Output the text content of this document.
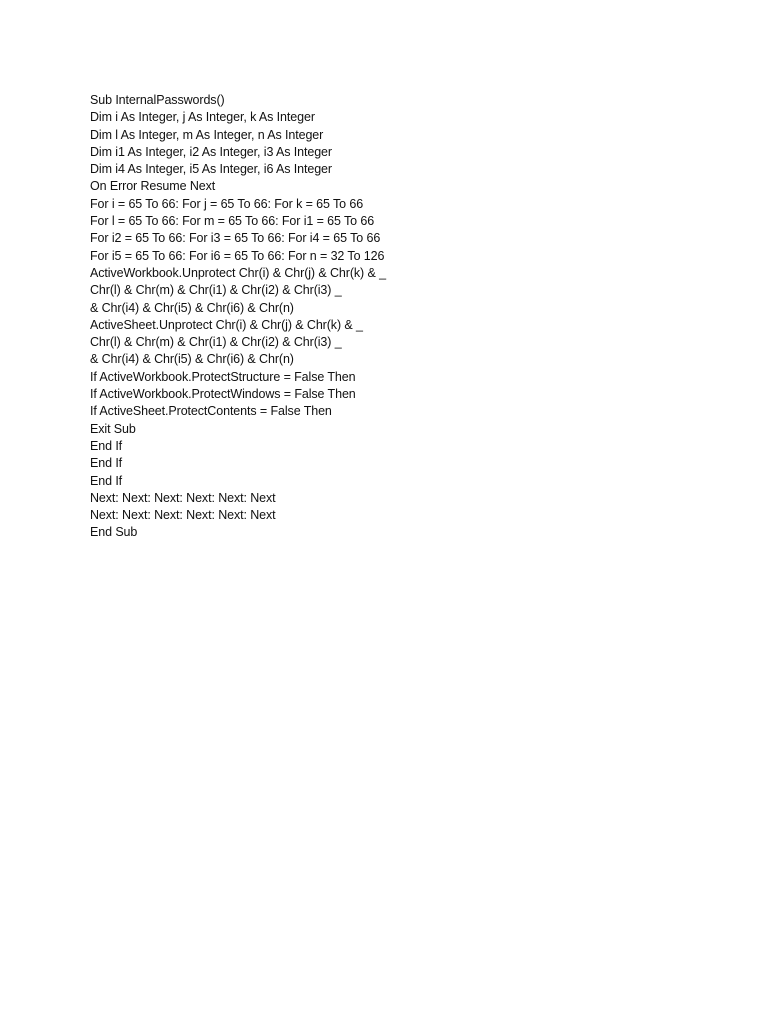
Sub InternalPasswords()
Dim i As Integer, j As Integer, k As Integer
Dim l As Integer, m As Integer, n As Integer
Dim i1 As Integer, i2 As Integer, i3 As Integer
Dim i4 As Integer, i5 As Integer, i6 As Integer
On Error Resume Next
For i = 65 To 66: For j = 65 To 66: For k = 65 To 66
For l = 65 To 66: For m = 65 To 66: For i1 = 65 To 66
For i2 = 65 To 66: For i3 = 65 To 66: For i4 = 65 To 66
For i5 = 65 To 66: For i6 = 65 To 66: For n = 32 To 126
ActiveWorkbook.Unprotect Chr(i) & Chr(j) & Chr(k) & _
Chr(l) & Chr(m) & Chr(i1) & Chr(i2) & Chr(i3) _
& Chr(i4) & Chr(i5) & Chr(i6) & Chr(n)
ActiveSheet.Unprotect Chr(i) & Chr(j) & Chr(k) & _
Chr(l) & Chr(m) & Chr(i1) & Chr(i2) & Chr(i3) _
& Chr(i4) & Chr(i5) & Chr(i6) & Chr(n)
If ActiveWorkbook.ProtectStructure = False Then
If ActiveWorkbook.ProtectWindows = False Then
If ActiveSheet.ProtectContents = False Then
Exit Sub
End If
End If
End If
Next: Next: Next: Next: Next: Next
Next: Next: Next: Next: Next: Next
End Sub
